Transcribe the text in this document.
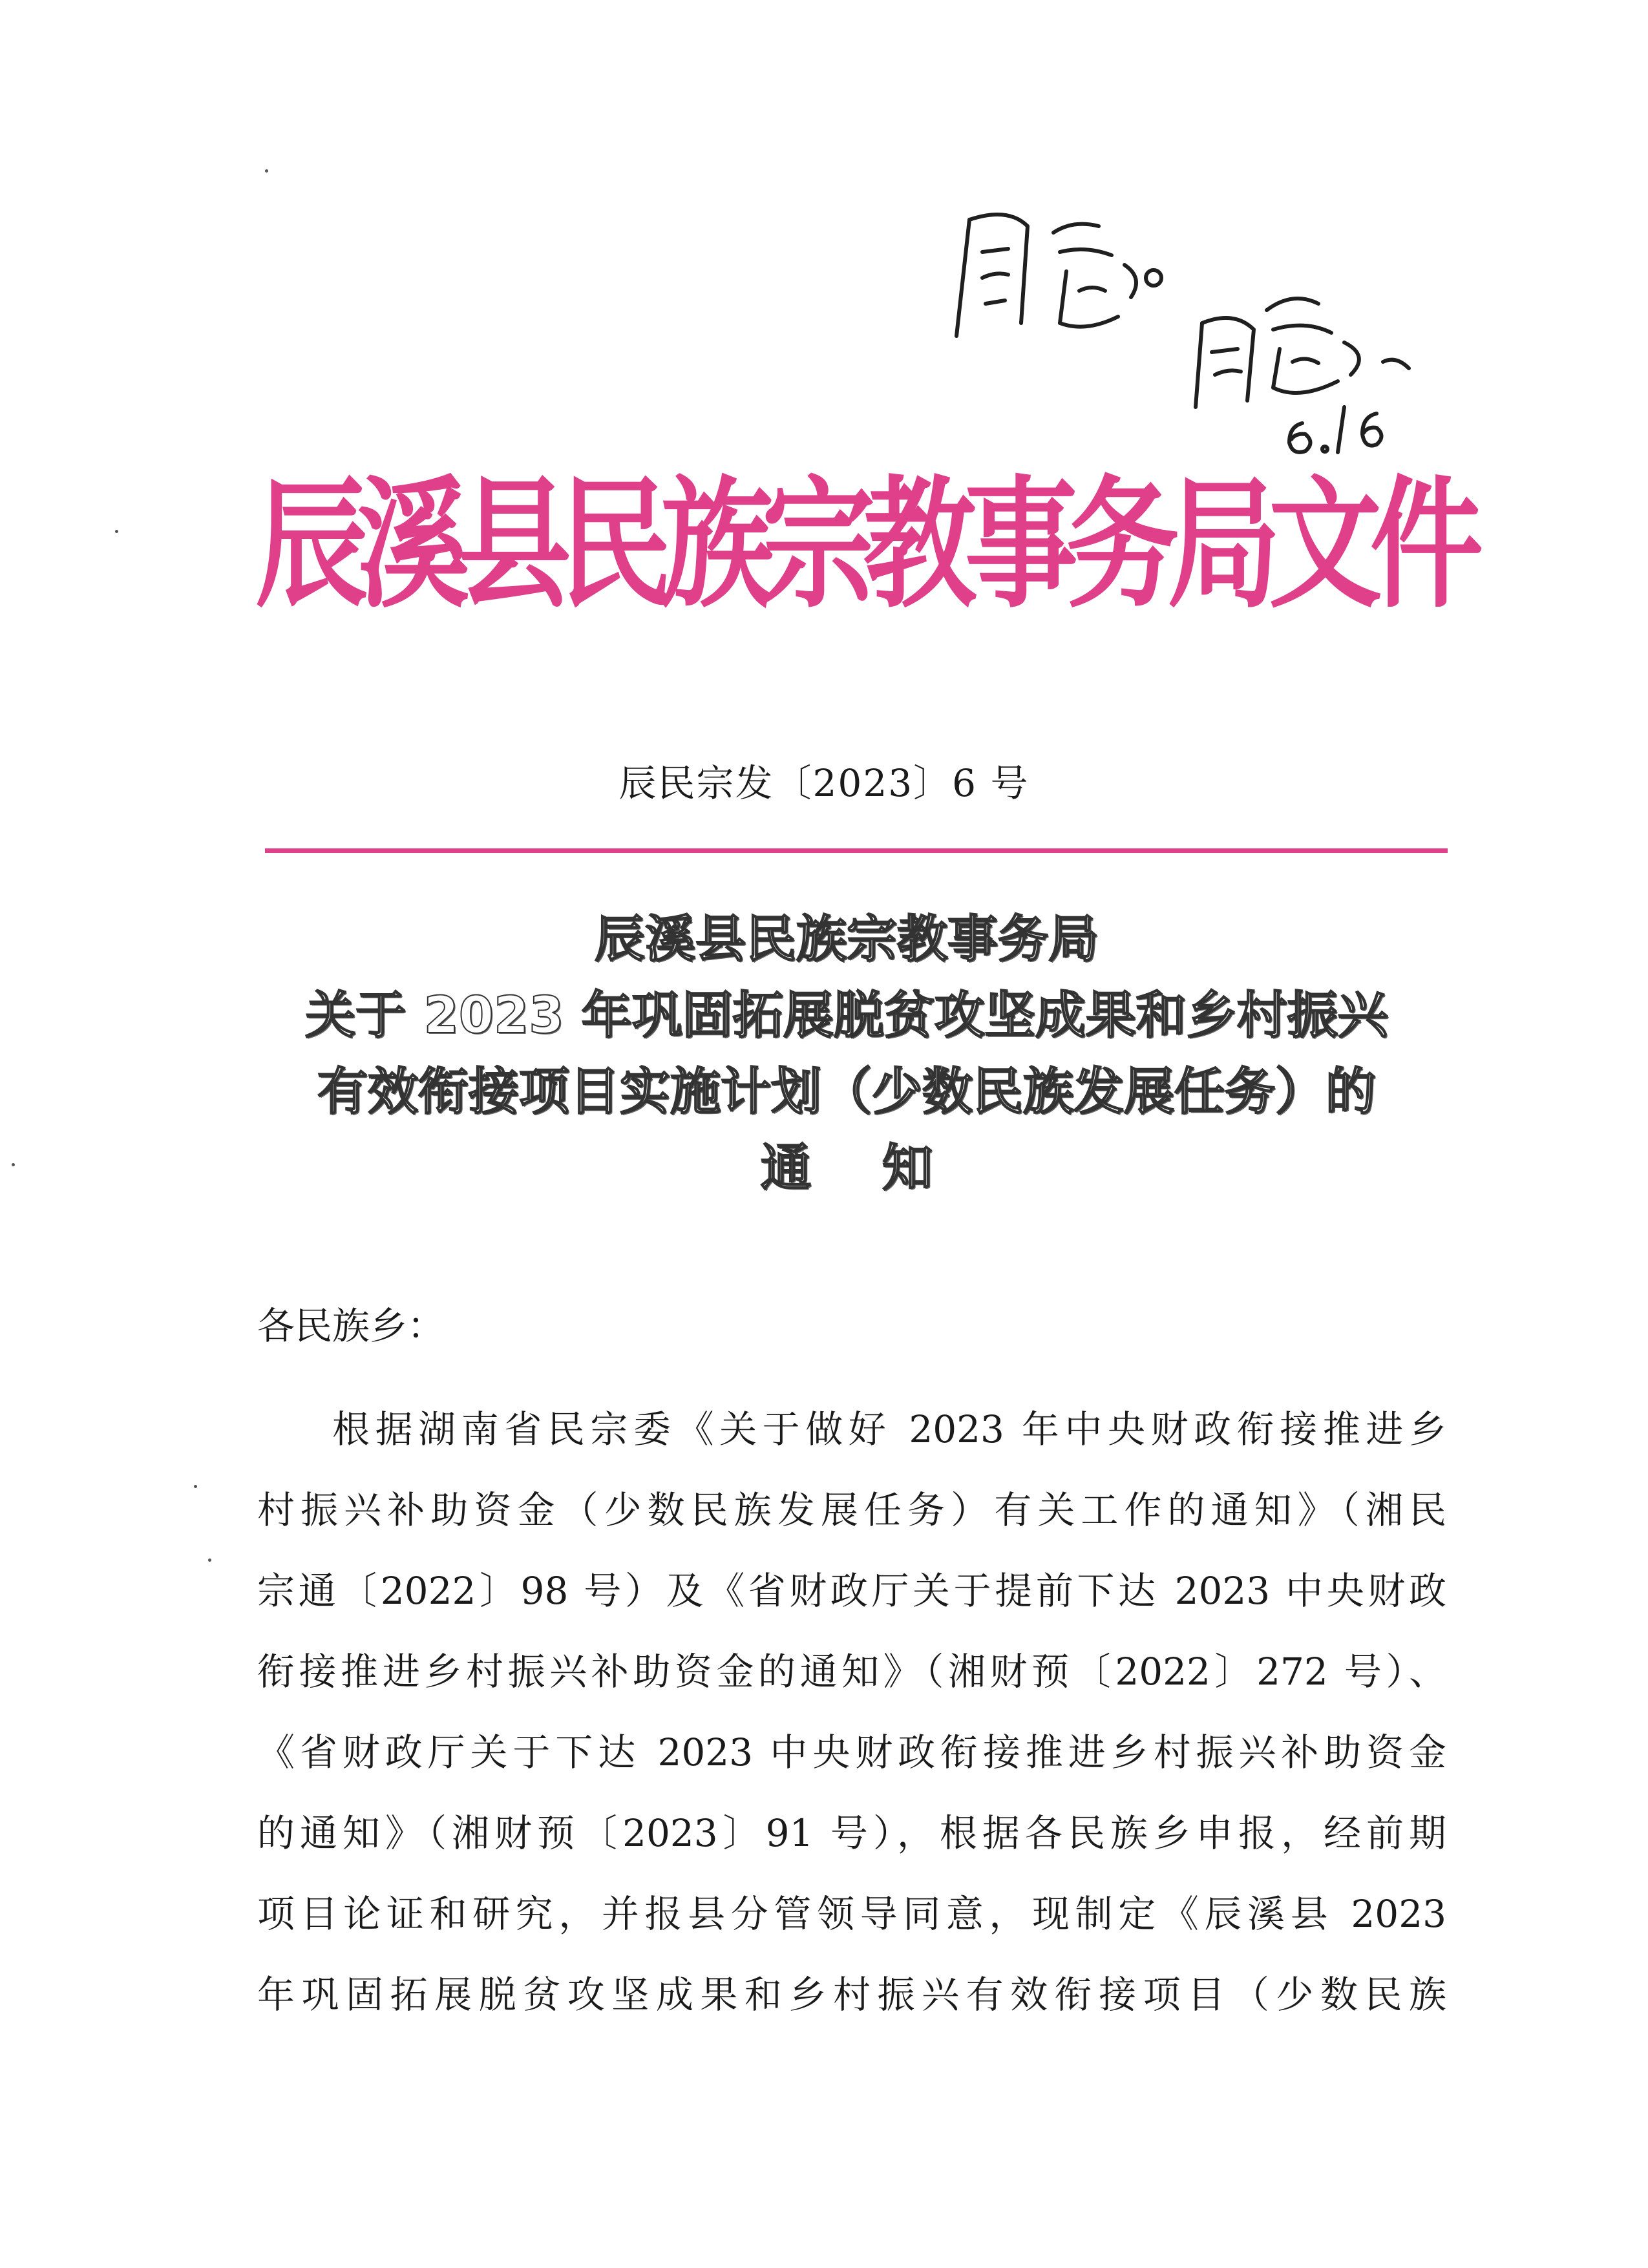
辰
溪
县
民
族
宗
教
事
务
局
文
件
辰民宗发〔2023〕6 号
辰溪县民族宗教事务局
关于 2023 年巩固拓展脱贫攻坚成果和乡村振兴
有效衔接项目实施计划（少数民族发展任务）的
通知
各民族乡：
根据湖南省民宗委《关于做好 2023 年中央财政衔接推进乡
村振兴补助资金（少数民族发展任务）有关工作的通知》（湘民
宗通〔2022〕98 号）及《省财政厅关于提前下达 2023 中央财政
衔接推进乡村振兴补助资金的通知》（湘财预〔2022〕272 号）、
《省财政厅关于下达 2023 中央财政衔接推进乡村振兴补助资金
的通知》（湘财预〔2023〕91 号），根据各民族乡申报，经前期
项目论证和研究，并报县分管领导同意，现制定《辰溪县 2023
年巩固拓展脱贫攻坚成果和乡村振兴有效衔接项目（少数民族
